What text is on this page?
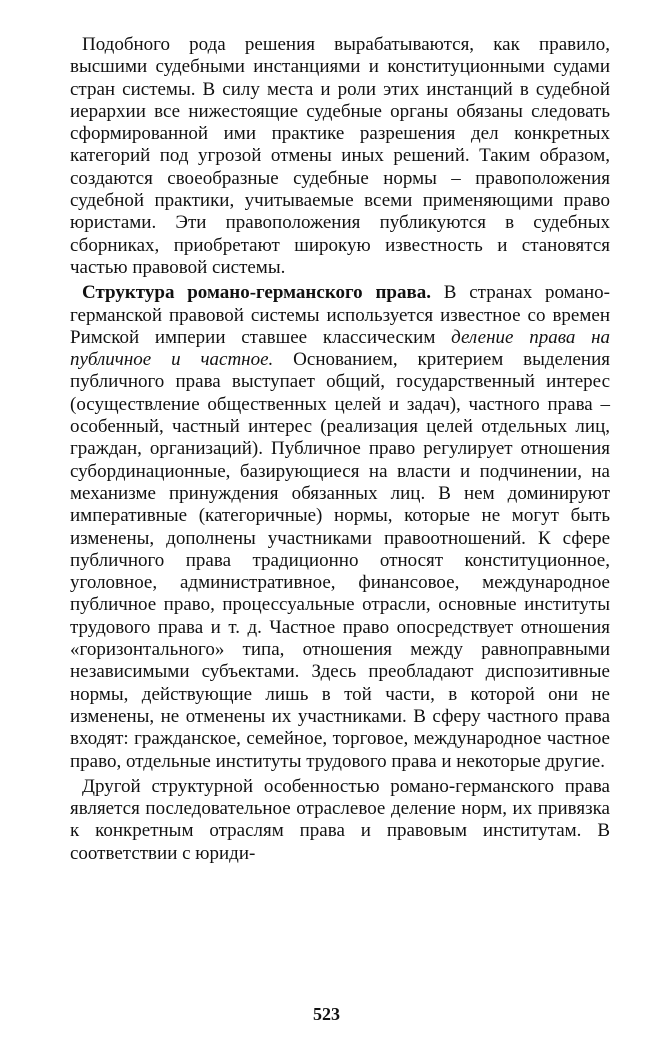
Подобного рода решения вырабатываются, как правило, высшими судебными инстанциями и конституционными судами стран системы. В силу места и роли этих инстанций в судебной иерархии все нижестоящие судебные органы обязаны следовать сформированной ими практике разрешения дел конкретных категорий под угрозой отмены иных решений. Таким образом, создаются своеобразные судебные нормы – правоположения судебной практики, учитываемые всеми применяющими право юристами. Эти правоположения публикуются в судебных сборниках, приобретают широкую известность и становятся частью правовой системы.

Структура романо-германского права. В странах романо-германской правовой системы используется известное со времен Римской империи ставшее классическим деление права на публичное и частное. Основанием, критерием выделения публичного права выступает общий, государственный интерес (осуществление общественных целей и задач), частного права – особенный, частный интерес (реализация целей отдельных лиц, граждан, организаций). Публичное право регулирует отношения субординационные, базирующиеся на власти и подчинении, на механизме принуждения обязанных лиц. В нем доминируют императивные (категоричные) нормы, которые не могут быть изменены, дополнены участниками правоотношений. К сфере публичного права традиционно относят конституционное, уголовное, административное, финансовое, международное публичное право, процессуальные отрасли, основные институты трудового права и т. д. Частное право опосредствует отношения «горизонтального» типа, отношения между равноправными независимыми субъектами. Здесь преобладают диспозитивные нормы, действующие лишь в той части, в которой они не изменены, не отменены их участниками. В сферу частного права входят: гражданское, семейное, торговое, международное частное право, отдельные институты трудового права и некоторые другие.

Другой структурной особенностью романо-германского права является последовательное отраслевое деление норм, их привязка к конкретным отраслям права и правовым институтам. В соответствии с юриди-

523
